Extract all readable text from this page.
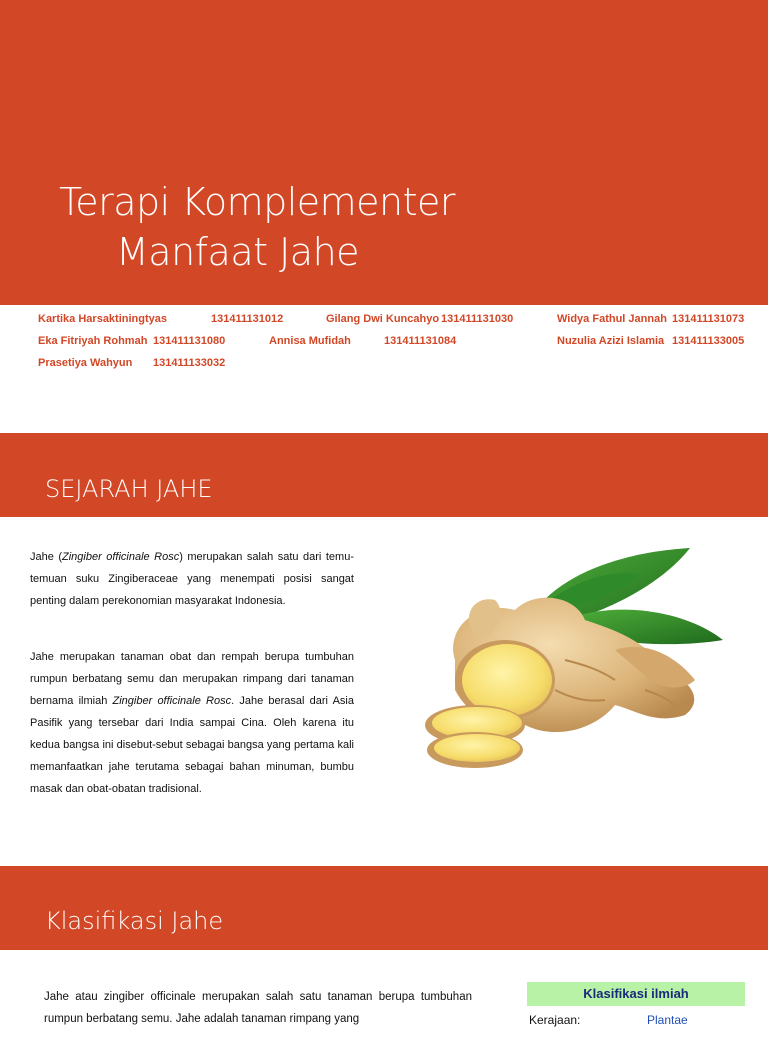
Terapi Komplementer
Manfaat Jahe
Kartika Harsaktiningtyas	131411131012	Gilang Dwi Kuncahyo 131411131030	Widya Fathul Jannah 131411131073
Eka Fitriyah Rohmah 131411131080	Annisa Mufidah	131411131084	Nuzulia Azizi Islamia 131411133005
Prasetiya Wahyun 131411133032
SEJARAH JAHE

Jahe (Zingiber officinale Rosc) merupakan salah satu dari temu-temuan suku Zingiberaceae yang menempati posisi sangat penting dalam perekonomian masyarakat Indonesia.

Jahe merupakan tanaman obat dan rempah berupa tumbuhan rumpun berbatang semu dan merupakan rimpang dari tanaman bernama ilmiah Zingiber officinale Rosc. Jahe berasal dari Asia Pasifik yang tersebar dari India sampai Cina. Oleh karena itu kedua bangsa ini disebut-sebut sebagai bangsa yang pertama kali memanfaatkan jahe terutama sebagai bahan minuman, bumbu masak dan obat-obatan tradisional.

Klasifikasi Jahe

Jahe atau zingiber officinale merupakan salah satu tanaman berupa tumbuhan rumpun berbatang semu. Jahe adalah tanaman rimpang yang

Klasifikasi ilmiah
Kerajaan:	Plantae
